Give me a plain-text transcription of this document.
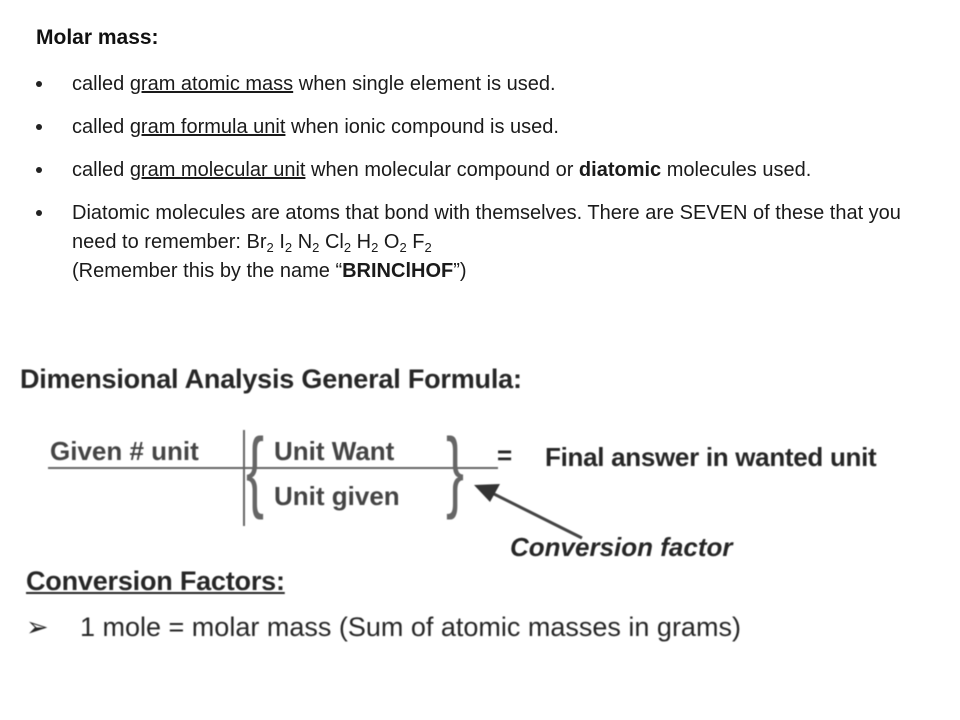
Molar mass:
called gram atomic mass when single element is used.
called gram formula unit when ionic compound is used.
called gram molecular unit when molecular compound or diatomic molecules used.
Diatomic molecules are atoms that bond with themselves. There are SEVEN of these that you need to remember: $Br_2$ $I_2$ $N_2$ $Cl_2$ $H_2$ $O_2$ $F_2$
(Remember this by the name “BRINClHOF”)
Dimensional Analysis General Formula:
Given # unit { }
Unit Want
Unit given
= Final answer in wanted unit
Conversion factor
Conversion Factors:
➢ 1 mole = molar mass (Sum of atomic masses in grams)
